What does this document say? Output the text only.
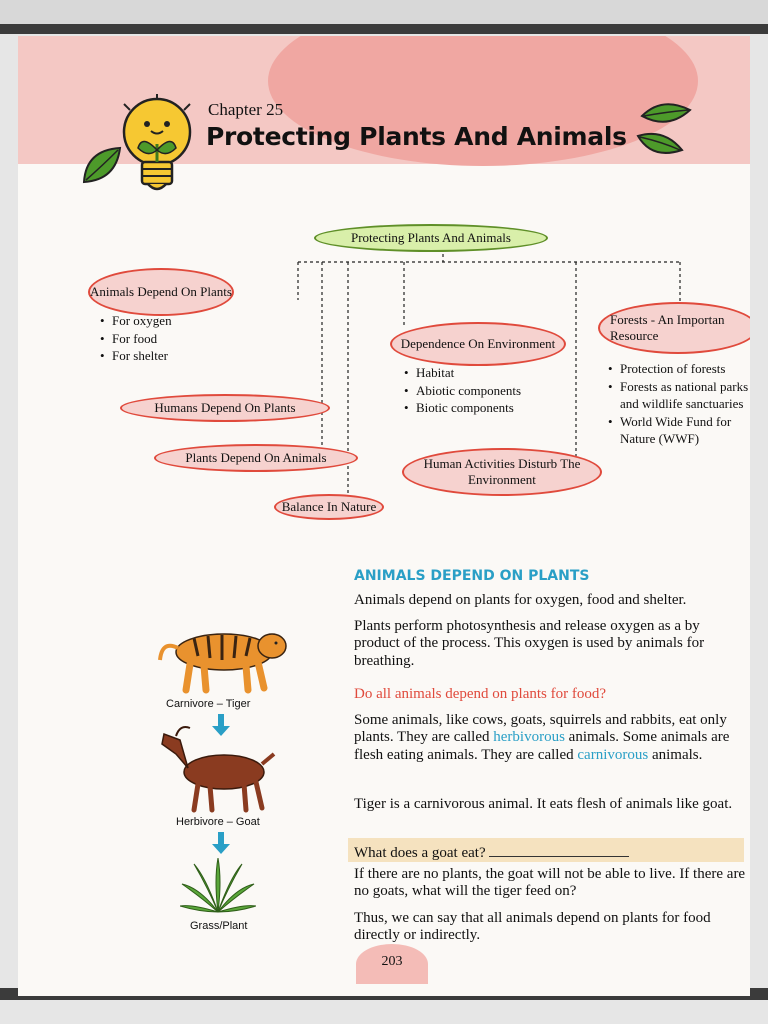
Chapter 25
Protecting Plants And Animals
Protecting Plants And Animals
Animals Depend On Plants
• For oxygen
• For food
• For shelter
Humans Depend On Plants
Plants Depend On Animals
Balance In Nature
Dependence On Environment
• Habitat
• Abiotic components
• Biotic components
Human Activities Disturb The Environment
Forests - An Importan Resource
• Protection of forests
• Forests as national parks and wildlife sanctuaries
• World Wide Fund for Nature (WWF)
Carnivore – Tiger
Herbivore – Goat
Grass/Plant
ANIMALS DEPEND ON PLANTS

Animals depend on plants for oxygen, food and shelter.

Plants perform photosynthesis and release oxygen as a by product of the process. This oxygen is used by animals for breathing.

Do all animals depend on plants for food?

Some animals, like cows, goats, squirrels and rabbits, eat only plants. They are called herbivorous animals. Some animals are flesh eating animals. They are called carnivorous animals.

Tiger is a carnivorous animal. It eats flesh of animals like goat.

What does a goat eat?

If there are no plants, the goat will not be able to live. If there are no goats, what will the tiger feed on?

Thus, we can say that all animals depend on plants for food directly or indirectly.

203
